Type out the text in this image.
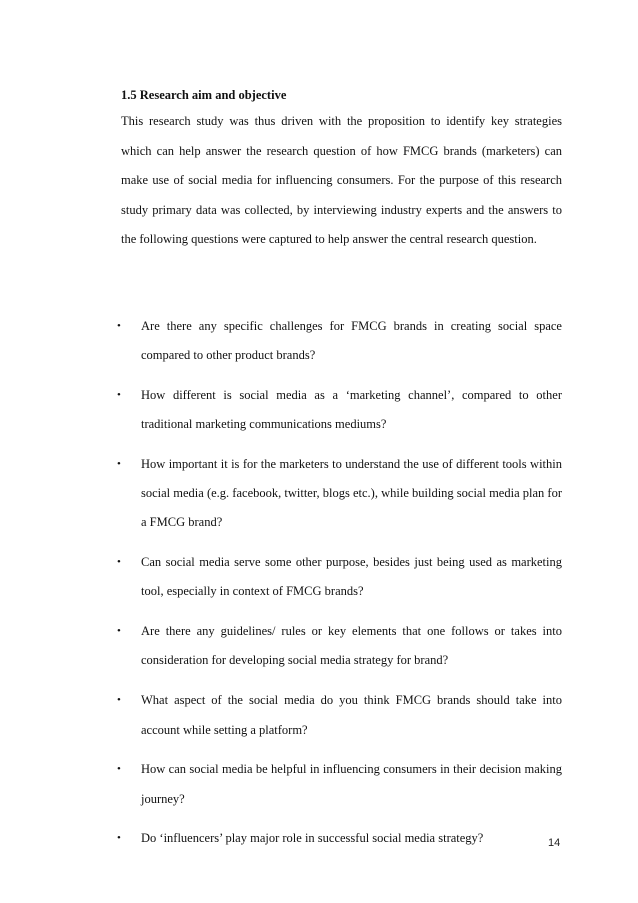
1.5 Research aim and objective

This research study was thus driven with the proposition to identify key strategies which can help answer the research question of how FMCG brands (marketers) can make use of social media for influencing consumers. For the purpose of this research study primary data was collected, by interviewing industry experts and the answers to the following questions were captured to help answer the central research question.

• Are there any specific challenges for FMCG brands in creating social space compared to other product brands?
• How different is social media as a ‘marketing channel’, compared to other traditional marketing communications mediums?
• How important it is for the marketers to understand the use of different tools within social media (e.g. facebook, twitter, blogs etc.), while building social media plan for a FMCG brand?
• Can social media serve some other purpose, besides just being used as marketing tool, especially in context of FMCG brands?
• Are there any guidelines/ rules or key elements that one follows or takes into consideration for developing social media strategy for brand?
• What aspect of the social media do you think FMCG brands should take into account while setting a platform?
• How can social media be helpful in influencing consumers in their decision making journey?
• Do ‘influencers’ play major role in successful social media strategy?	14
